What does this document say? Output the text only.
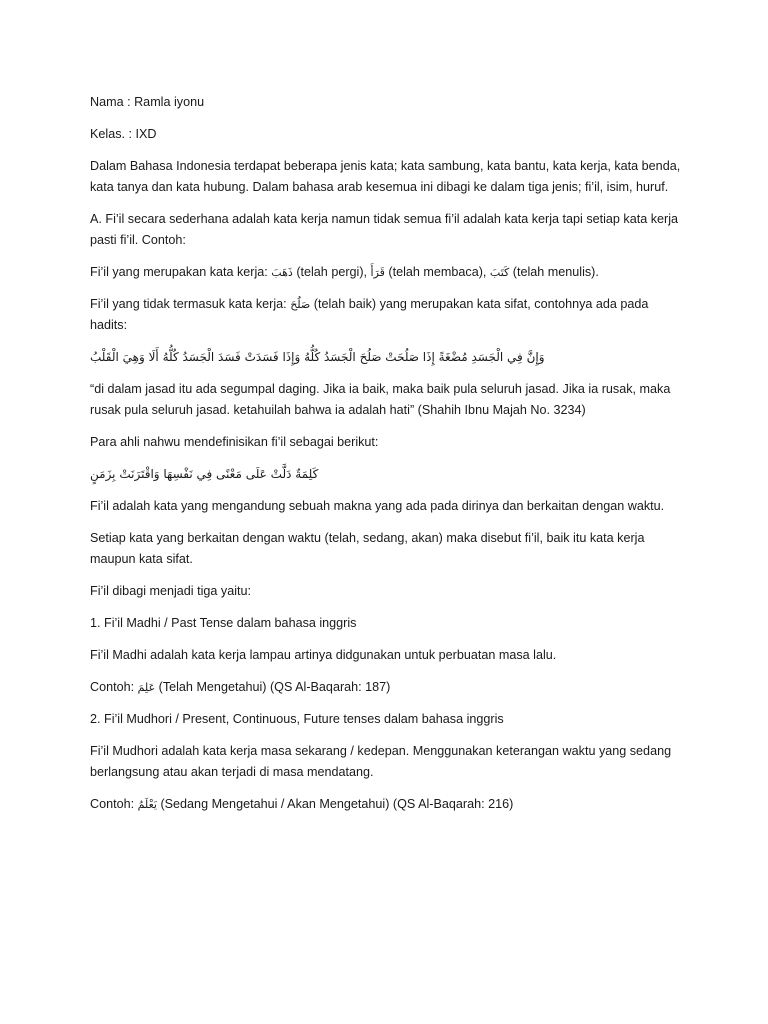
Nama : Ramla iyonu

Kelas. : IXD

Dalam Bahasa Indonesia terdapat beberapa jenis kata; kata sambung, kata bantu, kata kerja, kata benda, kata tanya dan kata hubung. Dalam bahasa arab kesemua ini dibagi ke dalam tiga jenis; fi’il, isim, huruf.

A. Fi’il secara sederhana adalah kata kerja namun tidak semua fi’il adalah kata kerja tapi setiap kata kerja pasti fi’il. Contoh:

Fi’il yang merupakan kata kerja: ذَهَبَ (telah pergi), قَرَأَ (telah membaca), كَتَبَ (telah menulis).

Fi’il yang tidak termasuk kata kerja: صَلُحَ (telah baik) yang merupakan kata sifat, contohnya ada pada hadits:

وَإِنَّ فِي الْجَسَدِ مُضْغَةً إِذَا صَلُحَتْ صَلُحَ الْجَسَدُ كُلُّهُ وَإِذَا فَسَدَتْ فَسَدَ الْجَسَدُ كُلُّهُ أَلَا وَهِيَ الْقَلْبُ

“di dalam jasad itu ada segumpal daging. Jika ia baik, maka baik pula seluruh jasad. Jika ia rusak, maka rusak pula seluruh jasad. ketahuilah bahwa ia adalah hati” (Shahih Ibnu Majah No. 3234)

Para ahli nahwu mendefinisikan fi’il sebagai berikut:

كَلِمَةٌ دَلَّتْ عَلَى مَعْنًى فِي نَفْسِهَا وَاقْتَرَنَتْ بِزَمَنٍ

Fi’il adalah kata yang mengandung sebuah makna yang ada pada dirinya dan berkaitan dengan waktu.

Setiap kata yang berkaitan dengan waktu (telah, sedang, akan) maka disebut fi’il, baik itu kata kerja maupun kata sifat.

Fi’il dibagi menjadi tiga yaitu:

1. Fi’il Madhi / Past Tense dalam bahasa inggris

Fi’il Madhi adalah kata kerja lampau artinya didgunakan untuk perbuatan masa lalu.

Contoh: عَلِمَ (Telah Mengetahui) (QS Al-Baqarah: 187)

2. Fi’il Mudhori / Present, Continuous, Future tenses dalam bahasa inggris

Fi’il Mudhori adalah kata kerja masa sekarang / kedepan. Menggunakan keterangan waktu yang sedang berlangsung atau akan terjadi di masa mendatang.

Contoh: يَعْلَمُ (Sedang Mengetahui / Akan Mengetahui) (QS Al-Baqarah: 216)
